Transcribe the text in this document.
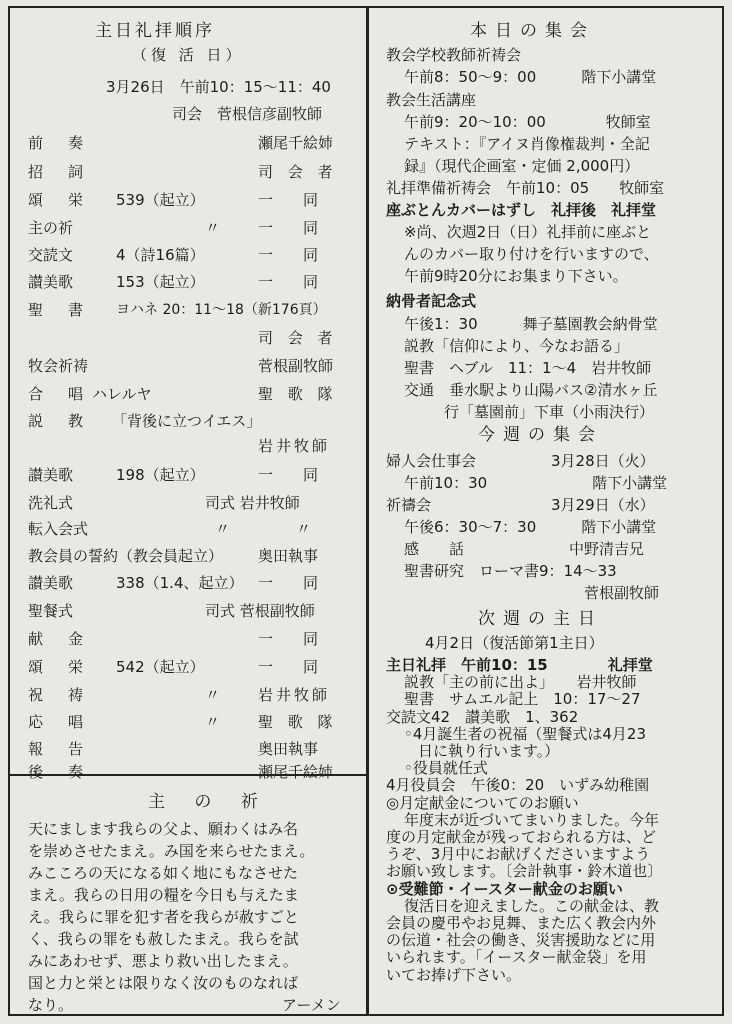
主日礼拝順序
（復 活 日）
3月26日　午前10：15～11：40
司会　菅根信彦副牧師
前　奏	瀬尾千絵姉
招　詞	司 会 者
頌　栄 539（起立）	一　　同
主の祈	〃	一　　同
交読文	4（詩16篇）	一　　同
讃美歌	153（起立）	一　　同
聖　書 ヨハネ 20：11～18（新176頁）
司 会 者
牧会祈祷	菅根副牧師
合　唱 ハレルヤ	聖 歌 隊
説　教 「背後に立つイエス」
岩井牧師
讃美歌	198（起立）	一　　同
洗礼式	司式 岩井牧師
転入会式	〃	〃
教会員の誓約（教会員起立） 奥田執事
讃美歌	338（1.4、起立） 一　　同
聖餐式	司式 菅根副牧師
献　金	一　　同
頌　栄 542（起立）	一　　同
祝　祷	〃	岩井牧師
応　唱	〃	聖 歌 隊
報　告	奥田執事
後　奏	瀬尾千絵姉
主 の 祈
天にまします我らの父よ、願わくはみ名
を崇めさせたまえ。み国を来らせたまえ。
みこころの天になる如く地にもなさせた
まえ。我らの日用の糧を今日も与えたま
え。我らに罪を犯す者を我らが赦すごと
く、我らの罪をも赦したまえ。我らを試
みにあわせず、悪より救い出したまえ。
国と力と栄とは限りなく汝のものなれば
なり。	アーメン
本日の集会
教会学校教師祈祷会
午前8：50～9：00　　　階下小講堂
教会生活講座
午前9：20～10：00　　　　牧師室
テキスト：『アイヌ肖像権裁判・全記
録』（現代企画室・定価 2,000円）
礼拝準備祈祷会　午前10：05　　牧師室
座ぶとんカバーはずし　礼拝後　礼拝堂
※尚、次週2日（日）礼拝前に座ぶと
んのカバー取り付けを行いますので、
午前9時20分にお集まり下さい。
納骨者記念式
午後1：30　　　舞子墓園教会納骨堂
説教「信仰により、今なお語る」
聖書　ヘブル　11：1～4　岩井牧師
交通　垂水駅より山陽バス②清水ヶ丘
行「墓園前」下車（小雨決行）
今週の集会
婦人会仕事会　　　　　3月28日（火）
午前10：30　　　　　　　階下小講堂
祈禱会　　　　　　　　3月29日（水）
午後6：30～7：30　　　階下小講堂
感　　話　　　　　　　中野清吉兄
聖書研究　ローマ書9：14～33
　　　　　　　　　　　　菅根副牧師
次週の主日
4月2日（復活節第1主日）
主日礼拝　午前10：15　　　　礼拝堂
説教「主の前に出よ」　　岩井牧師
聖書　サムエル記上　10：17～27
交読文42　讃美歌　1、362
◦4月誕生者の祝福（聖餐式は4月23
日に執り行います。）
◦役員就任式
4月役員会　午後0：20　いずみ幼稚園
◎月定献金についてのお願い
年度末が近づいてまいりました。今年
度の月定献金が残っておられる方は、ど
うぞ、3月中にお献げくださいますよう
お願い致します。〔会計執事・鈴木道也〕
⊙受難節・イースター献金のお願い
復活日を迎えました。この献金は、教
会員の慶弔やお見舞、また広く教会内外
の伝道・社会の働き、災害援助などに用
いられます。「イースター献金袋」を用
いてお捧げ下さい。
